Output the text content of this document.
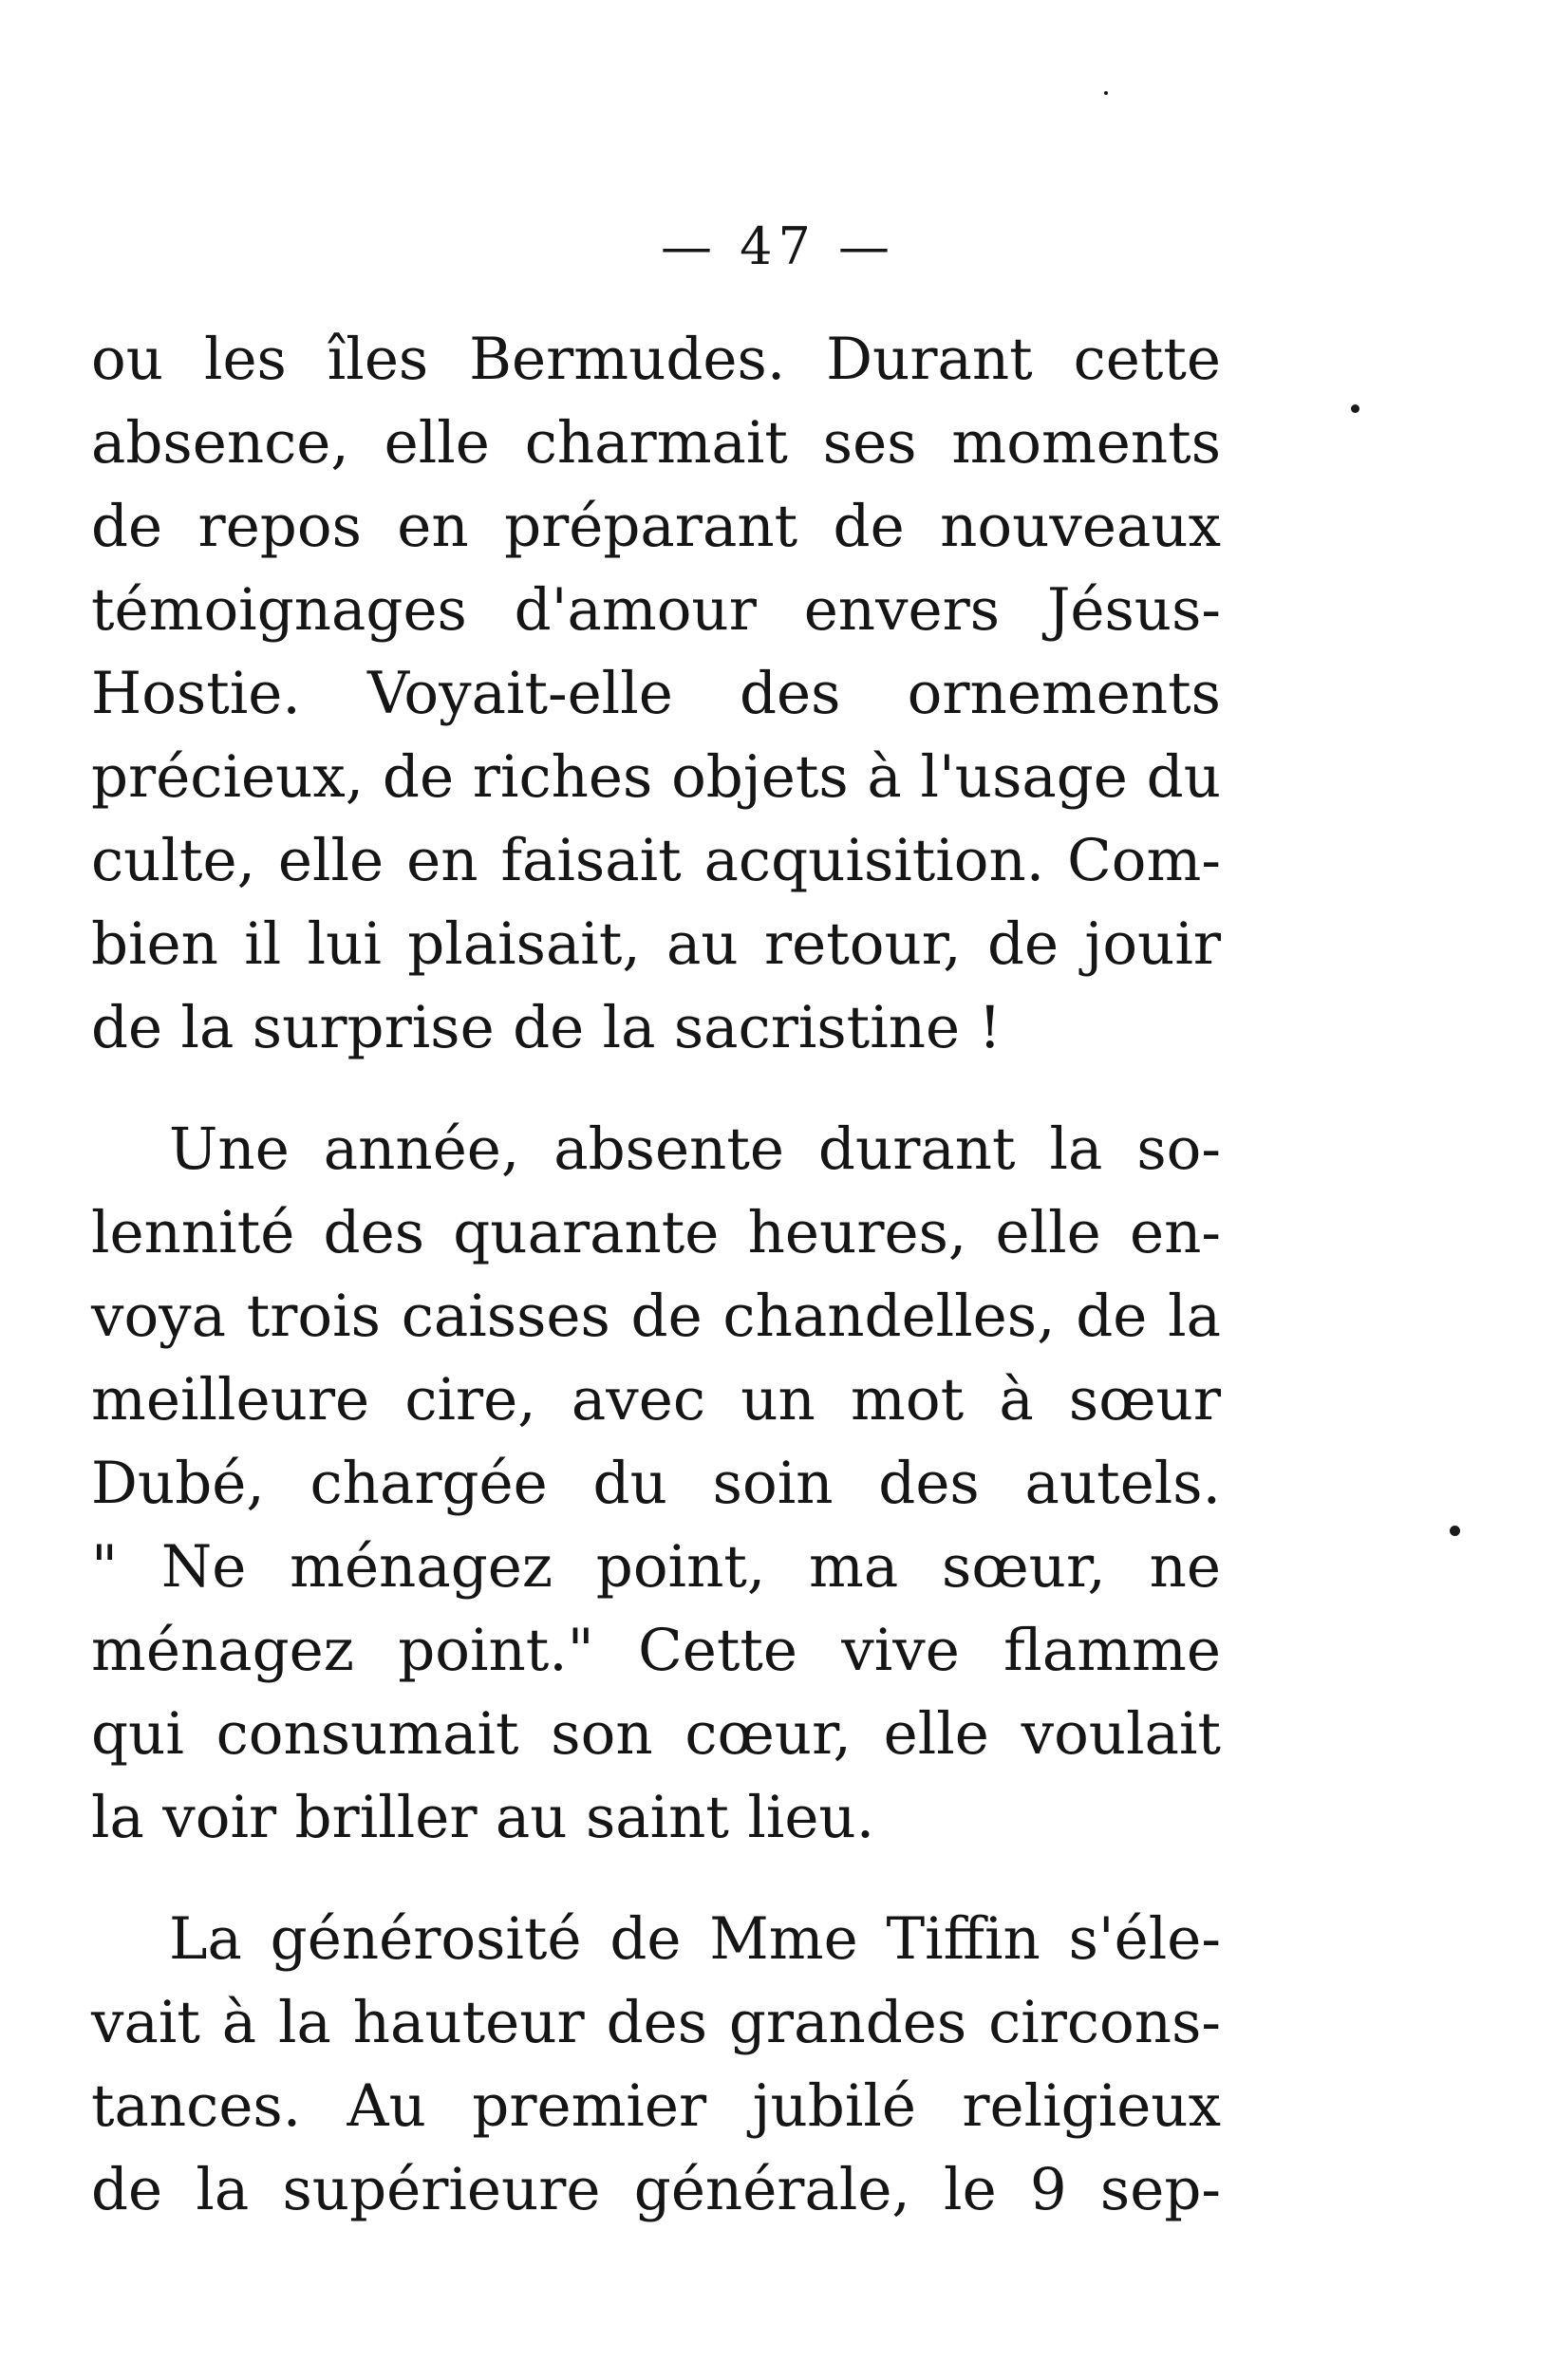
— 47 —

ou les îles Bermudes. Durant cette
absence, elle charmait ses moments
de repos en préparant de nouveaux
témoignages d'amour envers Jésus-
Hostie. Voyait-elle des ornements
précieux, de riches objets à l'usage du
culte, elle en faisait acquisition. Com-
bien il lui plaisait, au retour, de jouir
de la surprise de la sacristine !

Une année, absente durant la so-
lennité des quarante heures, elle en-
voya trois caisses de chandelles, de la
meilleure cire, avec un mot à sœur
Dubé, chargée du soin des autels.
" Ne ménagez point, ma sœur, ne
ménagez point." Cette vive flamme
qui consumait son cœur, elle voulait
la voir briller au saint lieu.

La générosité de Mme Tiffin s'éle-
vait à la hauteur des grandes circons-
tances. Au premier jubilé religieux
de la supérieure générale, le 9 sep-
